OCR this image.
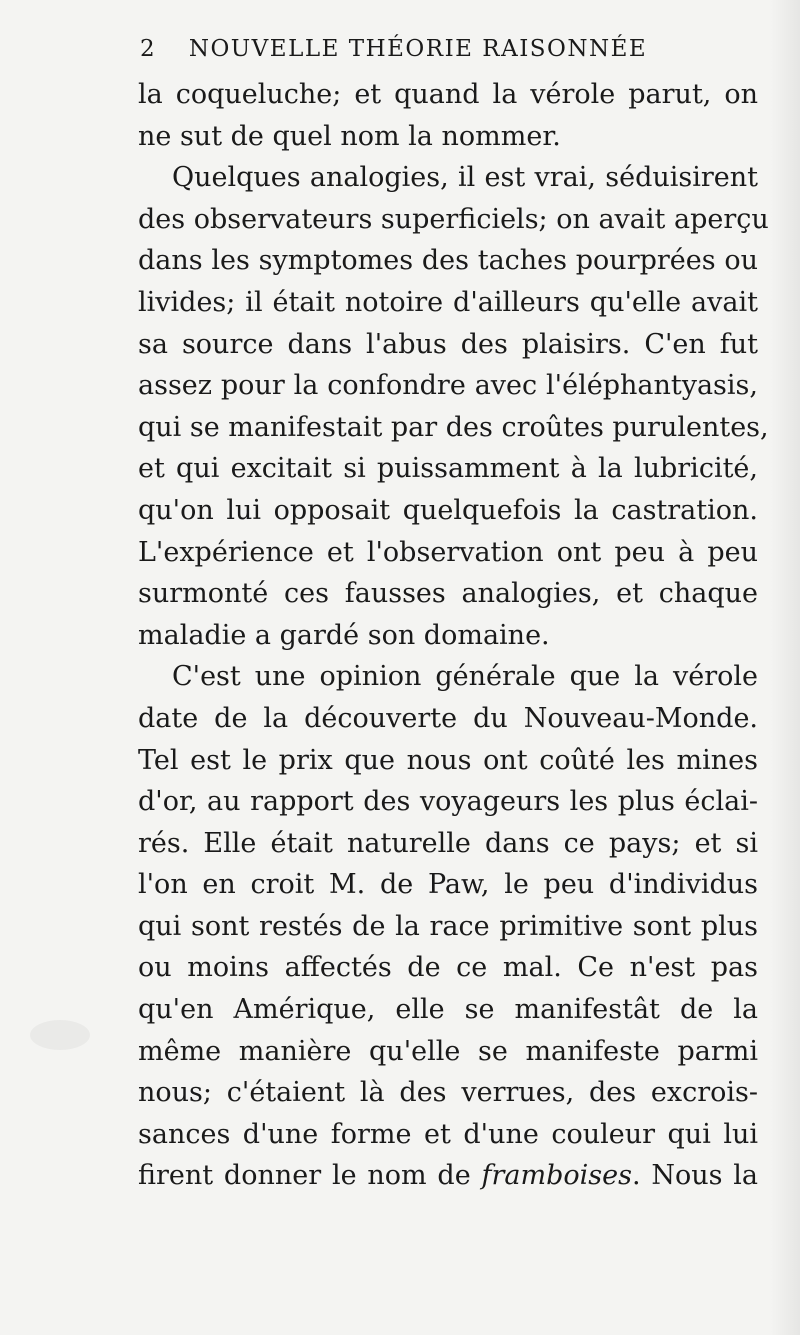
2 NOUVELLE THÉORIE RAISONNÉE
la coqueluche; et quand la vérole parut, on
ne sut de quel nom la nommer.
Quelques analogies, il est vrai, séduisirent
des observateurs superficiels; on avait aperçu
dans les symptomes des taches pourprées ou
livides; il était notoire d'ailleurs qu'elle avait
sa source dans l'abus des plaisirs. C'en fut
assez pour la confondre avec l'éléphantyasis,
qui se manifestait par des croûtes purulentes,
et qui excitait si puissamment à la lubricité,
qu'on lui opposait quelquefois la castration.
L'expérience et l'observation ont peu à peu
surmonté ces fausses analogies, et chaque
maladie a gardé son domaine.
C'est une opinion générale que la vérole
date de la découverte du Nouveau-Monde.
Tel est le prix que nous ont coûté les mines
d'or, au rapport des voyageurs les plus éclai-
rés. Elle était naturelle dans ce pays; et si
l'on en croit M. de Paw, le peu d'individus
qui sont restés de la race primitive sont plus
ou moins affectés de ce mal. Ce n'est pas
qu'en Amérique, elle se manifestât de la
même manière qu'elle se manifeste parmi
nous; c'étaient là des verrues, des excrois-
sances d'une forme et d'une couleur qui lui
firent donner le nom de framboises. Nous la
